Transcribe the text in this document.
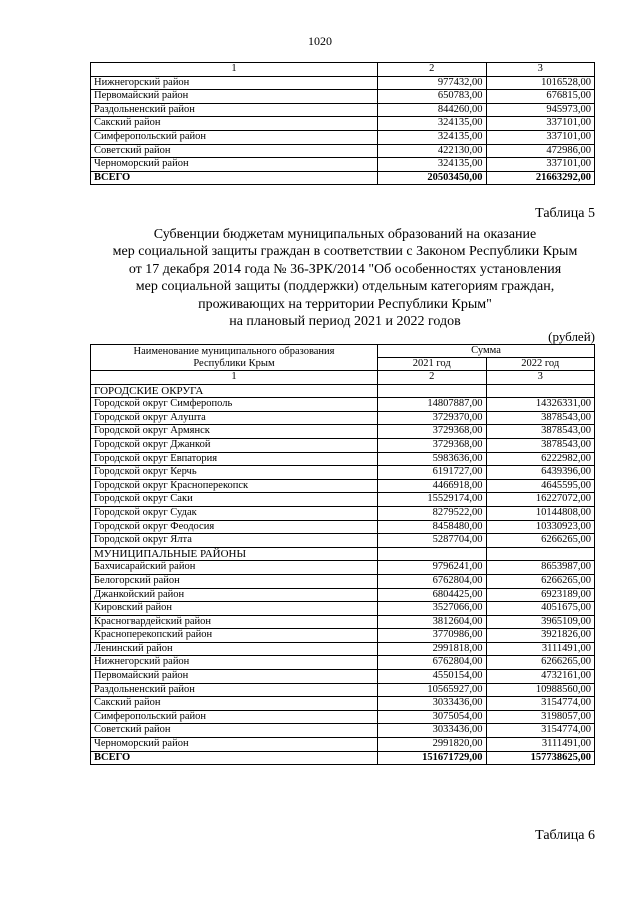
1020
1	2	3
Нижнегорский район	977432,00	1016528,00
Первомайский район	650783,00	676815,00
Раздольненский район	844260,00	945973,00
Сакский район	324135,00	337101,00
Симферопольский район	324135,00	337101,00
Советский район	422130,00	472986,00
Черноморский район	324135,00	337101,00
ВСЕГО	20503450,00	21663292,00
Таблица 5
Субвенции бюджетам муниципальных образований на оказание
мер социальной защиты граждан в соответствии с Законом Республики Крым
от 17 декабря 2014 года № 36-ЗРК/2014 "Об особенностях установления
мер социальной защиты (поддержки) отдельным категориям граждан,
проживающих на территории Республики Крым"
на плановый период 2021 и 2022 годов
(рублей)
Наименование муниципального образования
Республики Крым	Сумма	
	2021 год	2022 год
1	2	3
ГОРОДСКИЕ ОКРУГА		
Городской округ Симферополь	14807887,00	14326331,00
Городской округ Алушта	3729370,00	3878543,00
Городской округ Армянск	3729368,00	3878543,00
Городской округ Джанкой	3729368,00	3878543,00
Городской округ Евпатория	5983636,00	6222982,00
Городской округ Керчь	6191727,00	6439396,00
Городской округ Красноперекопск	4466918,00	4645595,00
Городской округ Саки	15529174,00	16227072,00
Городской округ Судак	8279522,00	10144808,00
Городской округ Феодосия	8458480,00	10330923,00
Городской округ Ялта	5287704,00	6266265,00
МУНИЦИПАЛЬНЫЕ РАЙОНЫ		
Бахчисарайский район	9796241,00	8653987,00
Белогорский район	6762804,00	6266265,00
Джанкойский район	6804425,00	6923189,00
Кировский район	3527066,00	4051675,00
Красногвардейский район	3812604,00	3965109,00
Красноперекопский район	3770986,00	3921826,00
Ленинский район	2991818,00	3111491,00
Нижнегорский район	6762804,00	6266265,00
Первомайский район	4550154,00	4732161,00
Раздольненский район	10565927,00	10988560,00
Сакский район	3033436,00	3154774,00
Симферопольский район	3075054,00	3198057,00
Советский район	3033436,00	3154774,00
Черноморский район	2991820,00	3111491,00
ВСЕГО	151671729,00	157738625,00
Таблица 6
